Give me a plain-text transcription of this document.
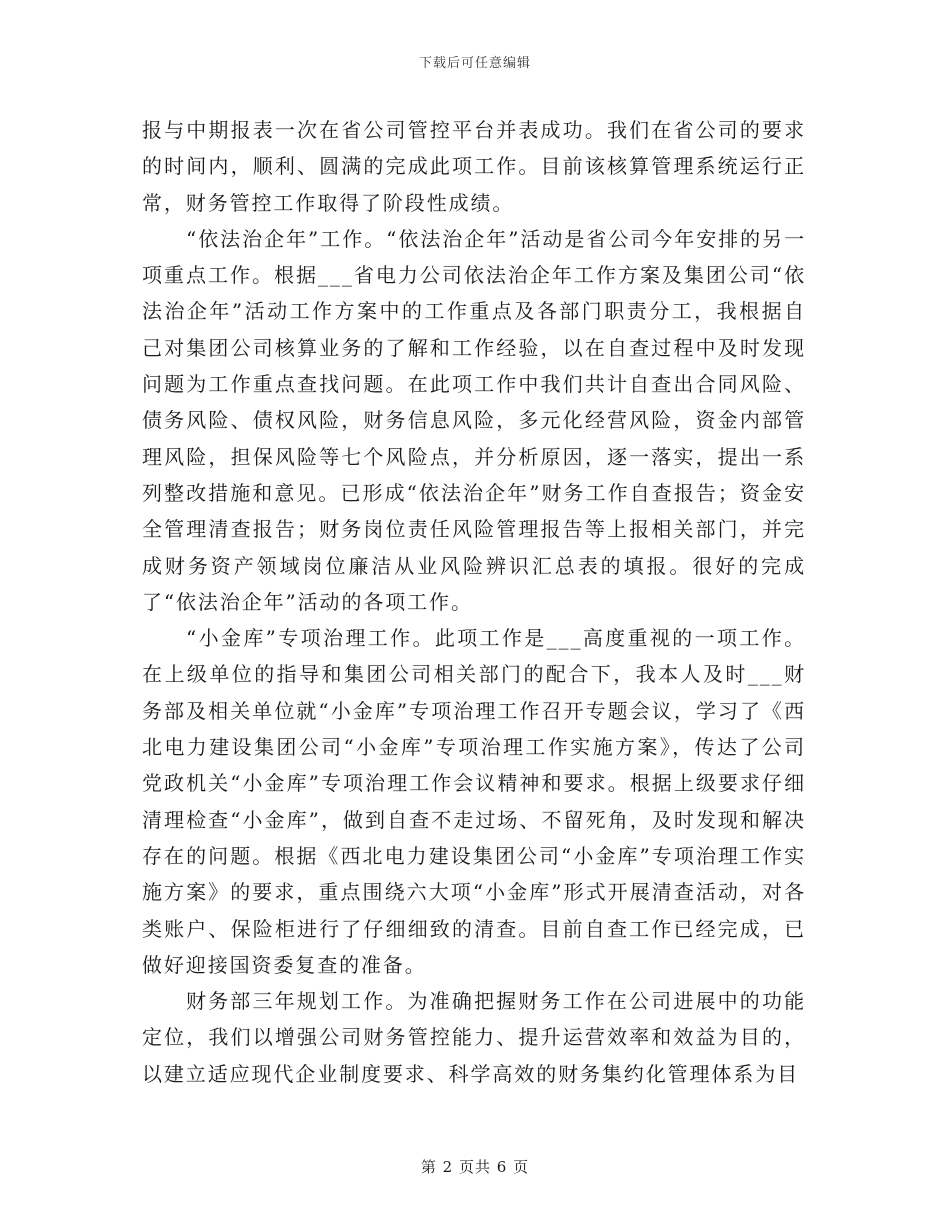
下载后可任意编辑

报与中期报表一次在省公司管控平台并表成功。我们在省公司的要求的时间内，顺利、圆满的完成此项工作。目前该核算管理系统运行正常，财务管控工作取得了阶段性成绩。

“依法治企年”工作。“依法治企年”活动是省公司今年安排的另一项重点工作。根据___省电力公司依法治企年工作方案及集团公司“依法治企年”活动工作方案中的工作重点及各部门职责分工，我根据自己对集团公司核算业务的了解和工作经验，以在自查过程中及时发现问题为工作重点查找问题。在此项工作中我们共计自查出合同风险、债务风险、债权风险，财务信息风险，多元化经营风险，资金内部管理风险，担保风险等七个风险点，并分析原因，逐一落实，提出一系列整改措施和意见。已形成“依法治企年”财务工作自查报告；资金安全管理清查报告；财务岗位责任风险管理报告等上报相关部门，并完成财务资产领域岗位廉洁从业风险辨识汇总表的填报。很好的完成了“依法治企年”活动的各项工作。

“小金库”专项治理工作。此项工作是___高度重视的一项工作。在上级单位的指导和集团公司相关部门的配合下，我本人及时___财务部及相关单位就“小金库”专项治理工作召开专题会议，学习了《西北电力建设集团公司“小金库”专项治理工作实施方案》，传达了公司党政机关“小金库”专项治理工作会议精神和要求。根据上级要求仔细清理检查“小金库”，做到自查不走过场、不留死角，及时发现和解决存在的问题。根据《西北电力建设集团公司“小金库”专项治理工作实施方案》的要求，重点围绕六大项“小金库”形式开展清查活动，对各类账户、保险柜进行了仔细细致的清查。目前自查工作已经完成，已做好迎接国资委复查的准备。

财务部三年规划工作。为准确把握财务工作在公司进展中的功能定位，我们以增强公司财务管控能力、提升运营效率和效益为目的，以建立适应现代企业制度要求、科学高效的财务集约化管理体系为目

第 2 页共 6 页
